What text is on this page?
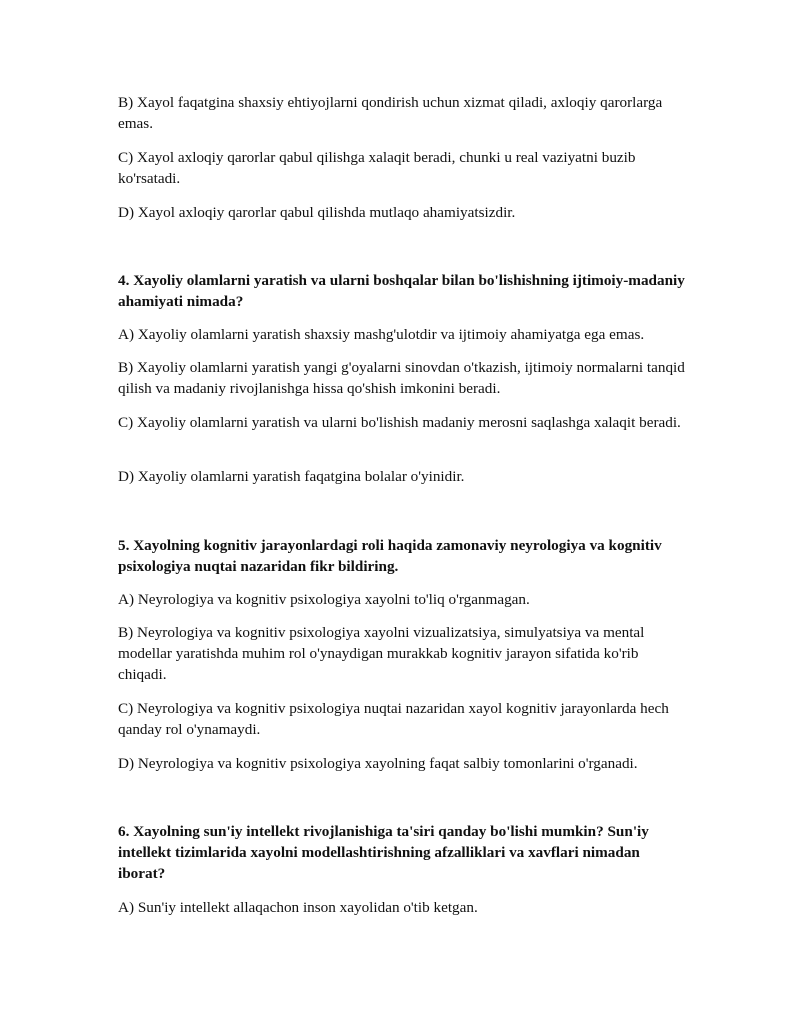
B) Xayol faqatgina shaxsiy ehtiyojlarni qondirish uchun xizmat qiladi, axloqiy qarorlarga emas.

C) Xayol axloqiy qarorlar qabul qilishga xalaqit beradi, chunki u real vaziyatni buzib ko'rsatadi.

D) Xayol axloqiy qarorlar qabul qilishda mutlaqo ahamiyatsizdir.

4. Xayoliy olamlarni yaratish va ularni boshqalar bilan bo'lishishning ijtimoiy-madaniy ahamiyati nimada?

A) Xayoliy olamlarni yaratish shaxsiy mashg'ulotdir va ijtimoiy ahamiyatga ega emas.

B) Xayoliy olamlarni yaratish yangi g'oyalarni sinovdan o'tkazish, ijtimoiy normalarni tanqid qilish va madaniy rivojlanishga hissa qo'shish imkonini beradi.

C) Xayoliy olamlarni yaratish va ularni bo'lishish madaniy merosni saqlashga xalaqit beradi.

D) Xayoliy olamlarni yaratish faqatgina bolalar o'yinidir.

5. Xayolning kognitiv jarayonlardagi roli haqida zamonaviy neyrologiya va kognitiv psixologiya nuqtai nazaridan fikr bildiring.

A) Neyrologiya va kognitiv psixologiya xayolni to'liq o'rganmagan.

B) Neyrologiya va kognitiv psixologiya xayolni vizualizatsiya, simulyatsiya va mental modellar yaratishda muhim rol o'ynaydigan murakkab kognitiv jarayon sifatida ko'rib chiqadi.

C) Neyrologiya va kognitiv psixologiya nuqtai nazaridan xayol kognitiv jarayonlarda hech qanday rol o'ynamaydi.

D) Neyrologiya va kognitiv psixologiya xayolning faqat salbiy tomonlarini o'rganadi.

6. Xayolning sun'iy intellekt rivojlanishiga ta'siri qanday bo'lishi mumkin? Sun'iy intellekt tizimlarida xayolni modellashtirishning afzalliklari va xavflari nimadan iborat?

A) Sun'iy intellekt allaqachon inson xayolidan o'tib ketgan.
